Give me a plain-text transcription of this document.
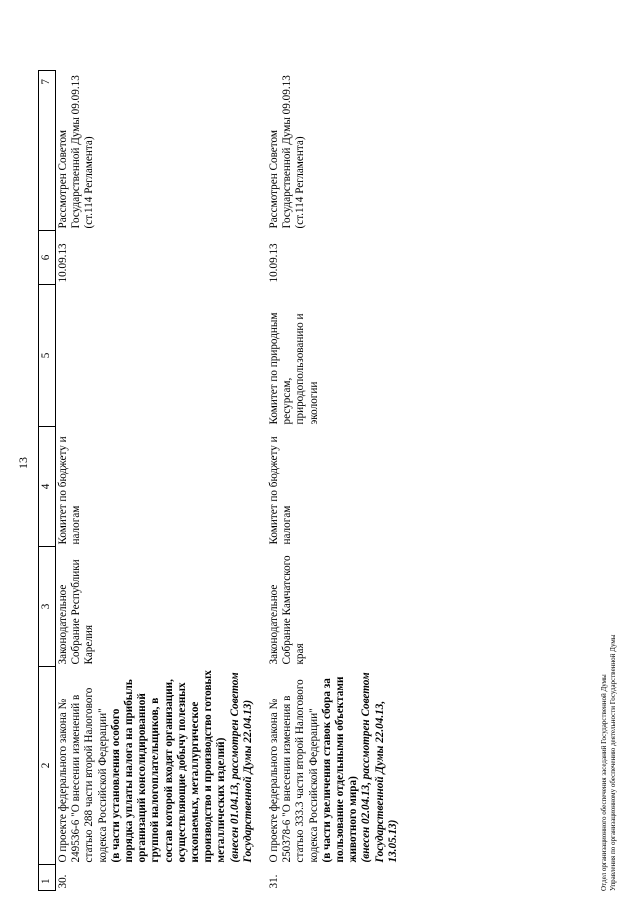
13
1	2	3	4	5	6	7
30.	О проекте федерального закона № 249536-6 "О внесении изменений в статью 288 части второй Налогового кодекса Российской Федерации" (в части установления особого порядка уплаты налога на прибыль организаций консолидированной группой налогоплательщиков, в состав которой входят организации, осуществляющие добычу полезных ископаемых, металлургическое производство и производство готовых металлических изделий) (внесен 01.04.13, рассмотрен Советом Государственной Думы 22.04.13)	Законодательное Собрание Республики Карелия	Комитет по бюджету и налогам		10.09.13	Рассмотрен Советом Государственной Думы 09.09.13 (ст.114 Регламента)
31.	О проекте федерального закона № 250378-6 "О внесении изменения в статью 333.3 части второй Налогового кодекса Российской Федерации" (в части увеличения ставок сбора за пользование отдельными объектами животного мира) (внесен 02.04.13, рассмотрен Советом Государственной Думы 22.04.13, 13.05.13)	Законодательное Собрание Камчатского края	Комитет по бюджету и налогам	Комитет по природным ресурсам, природопользованию и экологии	10.09.13	Рассмотрен Советом Государственной Думы 09.09.13 (ст.114 Регламента)
Отдел организационного обеспечения заседаний Государственной Думы Управления по организационному обеспечению деятельности Государственной Думы
